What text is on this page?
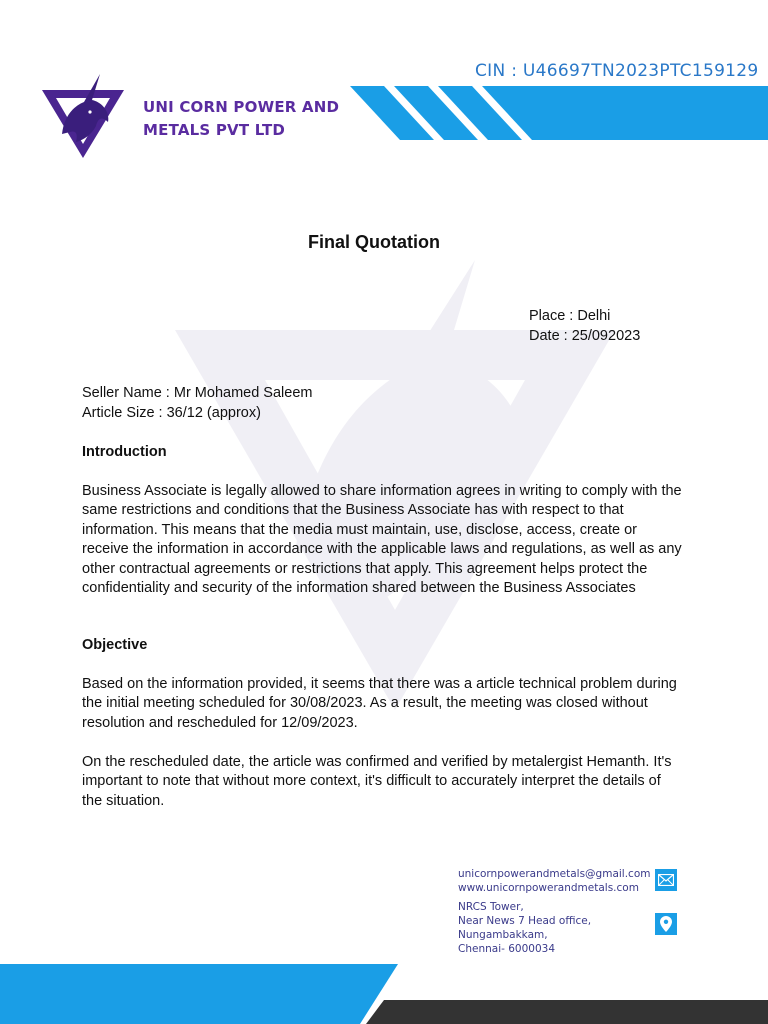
UNI CORN POWER AND
METALS PVT LTD
CIN : U46697TN2023PTC159129
Final Quotation
Place : Delhi
Date : 25/092023
Seller Name : Mr Mohamed Saleem
Article Size : 36/12 (approx)
Introduction
Business Associate is legally allowed to share information agrees in writing to comply with the same restrictions and conditions that the Business Associate has with respect to that information. This means that the media must maintain, use, disclose, access, create or receive the information in accordance with the applicable laws and regulations, as well as any other contractual agreements or restrictions that apply. This agreement helps protect the confidentiality and security of the information shared between the Business Associates
Objective
Based on the information provided, it seems that there was a article technical problem during the initial meeting scheduled for 30/08/2023. As a result, the meeting was closed without resolution and rescheduled for 12/09/2023.
On the rescheduled date, the article was confirmed and verified by metalergist Hemanth. It's important to note that without more context, it's difficult to accurately interpret the details of the situation.
unicornpowerandmetals@gmail.com
www.unicornpowerandmetals.com
NRCS Tower,
Near News 7 Head office,
Nungambakkam,
Chennai- 6000034
